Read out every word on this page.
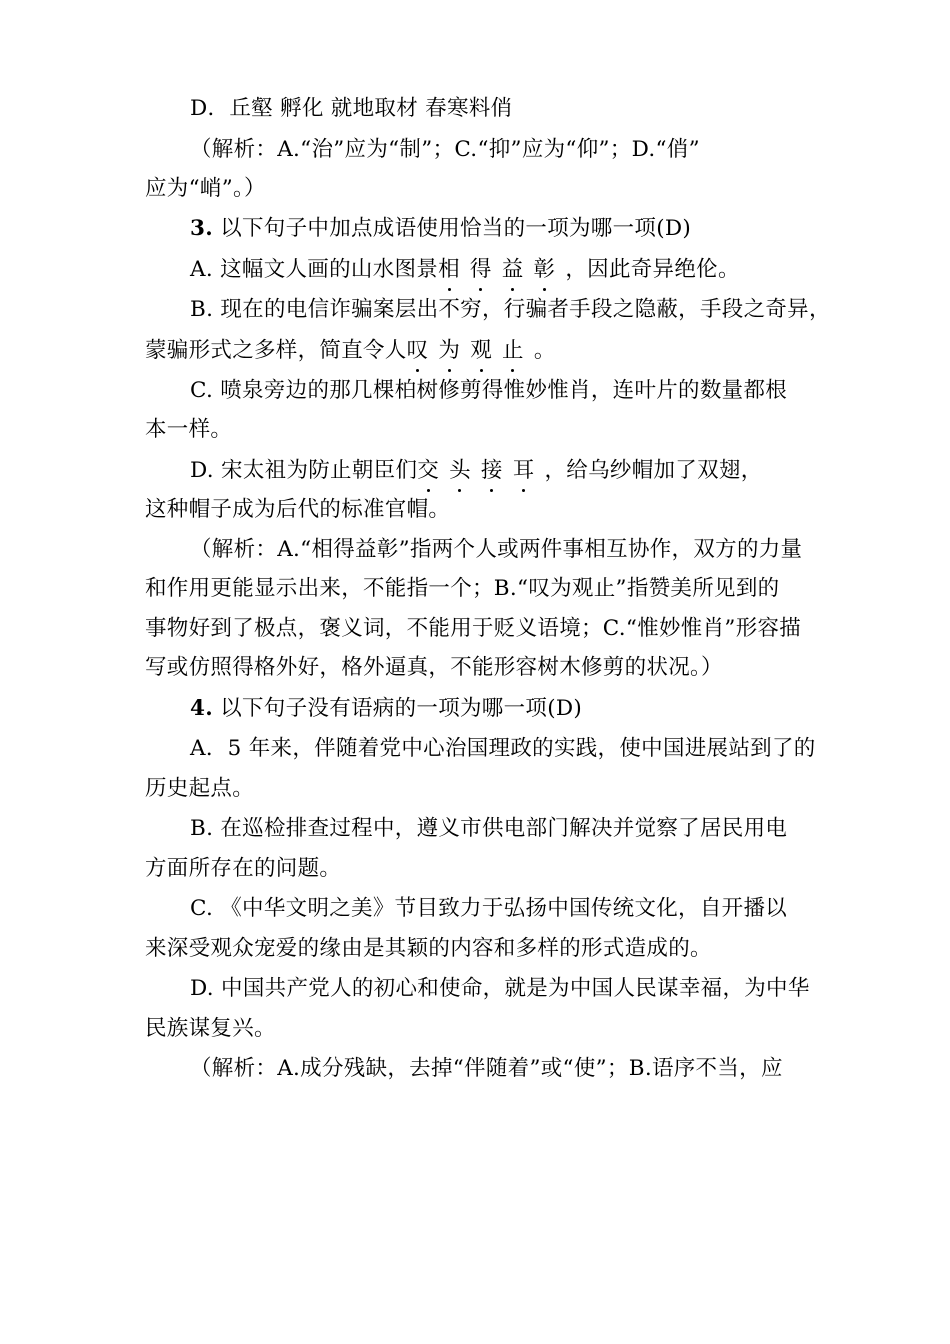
D．丘壑 孵化 就地取材 春寒料俏
（解析：A.“治”应为“制”；C.“抑”应为“仰”；D.“俏”
应为“峭”。）
3. 以下句子中加点成语使用恰当的一项为哪一项(D)
A. 这幅文人画的山水图景相 得 益 彰 ，因此奇异绝伦。
B. 现在的电信诈骗案层出不穷，行骗者手段之隐蔽，手段之奇异，
蒙骗形式之多样，简直令人叹 为 观 止 。
C. 喷泉旁边的那几棵柏树修剪得惟妙惟肖，连叶片的数量都根
本一样。
D. 宋太祖为防止朝臣们交 头 接 耳 ，给乌纱帽加了双翅，
这种帽子成为后代的标准官帽。
（解析：A.“相得益彰”指两个人或两件事相互协作，双方的力量
和作用更能显示出来，不能指一个；B.“叹为观止”指赞美所见到的
事物好到了极点，褒义词，不能用于贬义语境；C.“惟妙惟肖”形容描
写或仿照得格外好，格外逼真，不能形容树木修剪的状况。）
4. 以下句子没有语病的一项为哪一项(D)
A．5 年来，伴随着党中心治国理政的实践，使中国进展站到了的
历史起点。
B. 在巡检排查过程中，遵义市供电部门解决并觉察了居民用电
方面所存在的问题。
C. 《中华文明之美》节目致力于弘扬中国传统文化，自开播以
来深受观众宠爱的缘由是其颖的内容和多样的形式造成的。
D. 中国共产党人的初心和使命，就是为中国人民谋幸福，为中华
民族谋复兴。
（解析：A.成分残缺，去掉“伴随着”或“使”；B.语序不当，应
